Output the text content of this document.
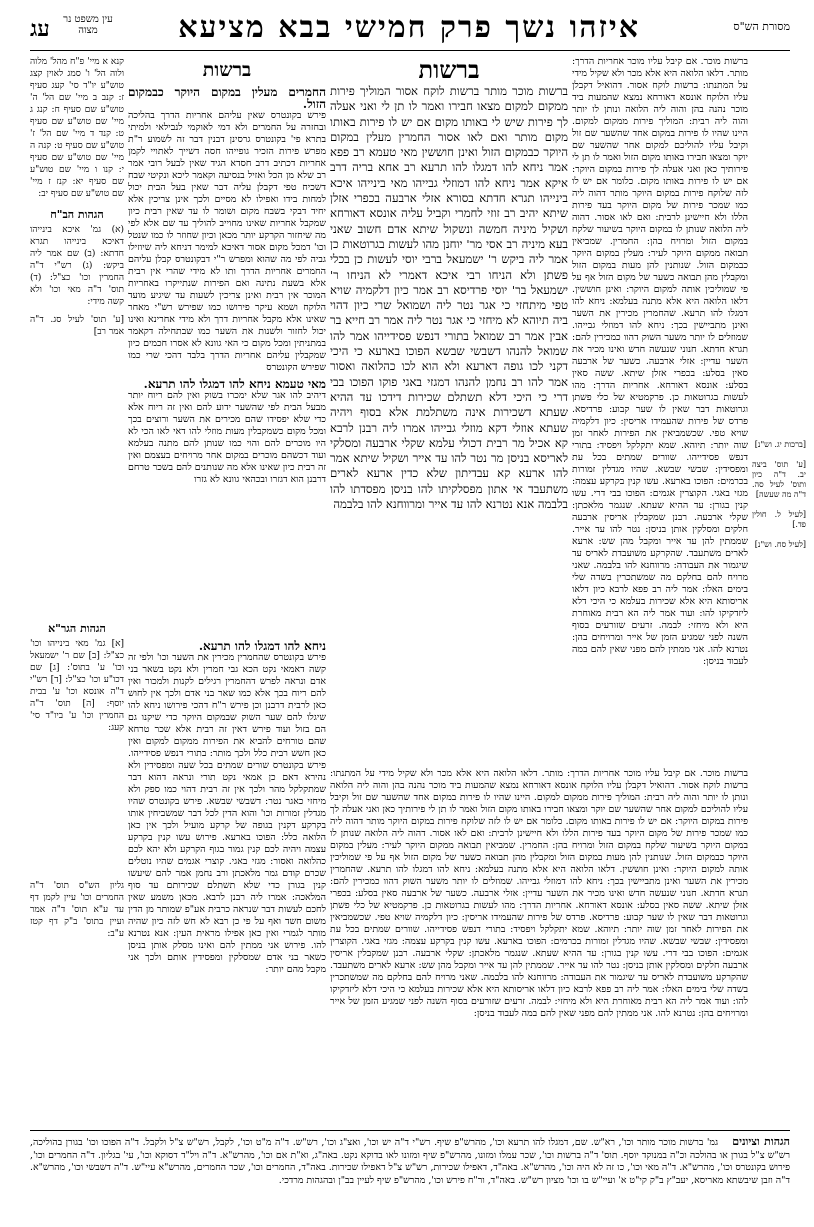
עג	עין משפט נר מצוה	איזהו נשך פרק חמישי בבא מציעא	מסורת הש"ס
קנא א מיי' פ"ח מהל' מלוה ולוה הל' ו' סמג לאוין קצג טוש"ע יו"ד סי' קעג סעיף ז: קנב ב מיי' שם הל' ה' טוש"ע שם סעיף ח: קנג ג מיי' שם טוש"ע שם סעיף ט: קנד ד מיי' שם הל' ז' טוש"ע שם סעיף ט: קנה ה מיי' שם טוש"ע שם סעיף י: קנו ו מיי' שם טוש"ע שם סעיף יא: קנז ז מיי' שם טוש"ע שם סעיף יב:
הגהות הב"ח
(א) גמ' איכא בינייהו דאיכא בינייהו תגרא חדתא: (ב) שם אמר ליה ביקש: (ג) רש"י ד"ה החמרין וכו' כצ"ל: (ד) תוס' ד"ה מאי וכו' ולא קשה מידי:
[ע' תוס' לעיל סג. ד"ה אמר רב]
הגהות הגר"א
[א] גמ' מאי בינייהו וכו' כצ"ל: [ב] שם ר' ישמעאל וכו' ע' בתוס': [ג] שם דכו"ע וכו' כצ"ל: [ד] רש"י ד"ה אונסא וכו' ע' בבית יוסף: [ה] תוס' ד"ה החמרין וכו' ע' ביו"ד סי' קעג:
גליון הש"ס תוס' ד"ה החמרים וכו' עיין לקמן דף עד ע"א תוס' ד"ה אמר ועיין בתוס' ב"ק דף קטז ע"ב:
ברשות
החמרים מעלין במקום היוקר כבמקום הזול.
פירש בקונטרס שאין עליהם אחריות הדרך בהליכה ובחזרה על החמרים ולא דמי לאוקמי לנבילאי ולמיתי בתרא פי' בקונטרס גרסינן דבנין דבר זה לשמוע ר"ת מפרש פירות הזכיר גופייהו חסה דשייך לאתויי לקמן אחריות דכתיב דרב חסדא הגיד שאין לבעל רובי אמר רב שלא מן הכל ואזיל בנסיעה וקאמר ליכא ונקיטי שבח דשכיח טפי דקבלן עליה דבר שאין בעל הבית יכול למחות בידו ואפילו לא מסיים ולכך אינן צריכין אלא יחיד דבקי בשבח מקום ושומר לו עד שאין רבית כיון שמקבל אחריות שאינו מחוייב להוליך עד שם אלא לפי מה שיחזור הקרקע יותר מכאן וכיון שחוזר לו כמו שנטל וכו' דמכל מקום אסור דאיכא למימר דניחא ליה שיוזילו גביה לפי מה שהוא ומפרש ר"י דבקונטרס קבלן עליהם החמרים אחריות הדרך ותו לא מידי שהרי אין רבית אלא בשעת נתינה ואם הפירות שנתייקרו באחריות המוכר אין רבית ואינן צריכין לשעות עד שיגיע מועד הלוקח ושמא עיקר פירושו כמו שפירש רש"י מאחר שאינו אלא מקבל אחריות דרך ולא מידי אחרינא ואינו יכול לחזור ולשנות את השער כמו שבתחילה דקאמר במתניתין ומכל מקום כי האי גוונא לא אסרו חכמים כיון שמקבלין עליהם אחריות הדרך בלבד דהכי שרי כמו שפירש הקונטרס
מאי טעמא ניחא להו דמגלו להו תרעא.
דיהיב להו אגר שלא ימכרו בשוק ואין להם ריוח יותר מבעל הבית לפי שהשער ידוע להם ואין זה ריוח אלא כדי שלא יפסידו שהם מכירים את השער ורוצים בכך ומכל מקום כשמקבלין מעות מוזלי להו דאי לאו הכי לא היו מוכרים להם והוי כמו שנותן להם מתנה בעלמא ועוד דכשהם מוכרים במקום אחר מרויחים בעצמם ואין זה רבית כיון שאינו אלא מה שנותנים להם בשכר טרחם דרבנן הוא דגזרו ובכהאי גוונא לא גזרו
ברשות
ברשות מוכר מותר ברשות לוקח אסור המוליך פירות ממקום למקום מצאו חבירו ואמר לו תן לי ואני אעלה לך פירות שיש לי באותו מקום אם יש לו פירות באותו מקום מותר ואם לאו אסור החמרין מעלין במקום היוקר כבמקום הזול ואינן חוששין מאי טעמא רב פפא אמר ניחא להו דמגלו להו תרעא רב אחא בריה דרב איקא אמר ניחא להו דמוזלי גבייהו מאי בינייהו איכא בינייהו תגרא חדתא בסורא אזלי ארבעה בכפרי אזלן שיתא יהיב רב זוזי לחמרי וקביל עליה אונסא דאורחא ושקיל מיניה חמשה ונשקול שיתא אדם חשוב שאני בעא מיניה רב אסי מר' יוחנן מהו לעשות בגרוטאות כן אמר ליה ביקש ר' ישמעאל ברבי יוסי לעשות כן בכלי פשתן ולא הניחו רבי איכא דאמרי לא הניחו ר' ישמעאל בר' יוסי פרדיסא רב אמר כיון דלקמיה שויא טפי מיתחזי כי אגר נטר ליה ושמואל שרי כיון דהוי ביה תיוהא לא מיחזי כי אגר נטר ליה אמר רב חייא בר אבין אמר רב שמואל בתורי דנפש פסידייהו אמר להו שמואל להנהו דשבשי שבשא הפוכו בארעא כי היכי דקני לכו גופה דארעא ולא הוא לכו כהלואה ואסור אמר להו רב נחמן להנהו דמגזי באגי פוקו הפוכו בבי דרי כי היכי דלא תשתלם שכירות דידכו עד ההיא שעתא דשכירות אינה משתלמת אלא בסוף ויהיה שעתא אוזלי דקא מוזלי גבייהו אמרו ליה רבנן לרבא קא אכיל מר רבית דכולי עלמא שקלי ארבעה ומסלקי לאריסא בניסן מר נטר להו עד אייר ושקיל שיתא אמר להו ארעא קא עבדיתון שלא כדין ארעא לארים משתעבד אי אתון מפסלקיתו להו בניסן מפסדתו להו בלבמה אנא נטרנא להו עד אייר ומרווחנא להו בלבמה
ברשות מוכר. אם קיבל עליו מוכר אחריות הדרך: מותר. דלאו הלואה היא אלא מכר ולא שקיל מידי על המתנתו: ברשות לוקח אסור. דהואיל דקבלן עליו הלוקח אונסא דאורחא נמצא שהמעות ביד מוכר נהנה בהן והוה ליה הלואה ונותן לו יותר והוה ליה רבית: המוליך פירות ממקום למקום. היינו שהיו לו פירות במקום אחד שהשער שם זול וקיבל עליו להוליכם למקום אחר שהשער שם יוקר ומצאו חבירו באותו מקום הזול ואמר לו תן לי פירותיך כאן ואני אעלה לך פירות במקום היוקר: אם יש לו פירות באותו מקום. כלומר אם יש לו לזה שלוקח פירות במקום היוקר מותר דהוה ליה כמו שמכר פירות של מקום היוקר בעד פירות הללו ולא חיישינן לרבית: ואם לאו אסור. דהוה ליה הלואה שנותן לו במקום היוקר בשיעור שלקח במקום הזול ומרויח בהן: החמרין. שמביאין תבואה ממקום היוקר לעיר: מעלין במקום היוקר כבמקום הזול. שנותנין להן מעות במקום הזול ומקבלין מהן תבואה כשער של מקום הזול אף על פי שמוליכין אותה למקום היוקר: ואינן חוששין. דלאו הלואה היא אלא מתנה בעלמא: ניחא להו דמגלו להו תרעא. שהחמרין מכירין את השער ואינן מתביישין בכך: ניחא להו דמוזלי גבייהו. שמוזלים לו יותר משער השוק דהוו כמכירין להם: תגרא חדתא. חנוני שנעשה חדש ואינו מכיר את השער עדיין: אזלי ארבעה. כשער של ארבעה סאין בסלע: בכפרי אזלן שיתא. ששה סאין בסלע: אונסא דאורחא. אחריות הדרך: מהו לעשות בגרוטאות כן. פרקמטיא של כלי פשתן וגרוטאות דבר שאין לו שער קבוע: פרדיסא. פרדס של פירות שהעמידו אריסין: כיון דלקמיה שויא טפי. שכשמביאין את הפירות לאחר זמן שוה יותר: תיוהא. שמא יתקלקל ויפסיד: בתורי דנפש פסידייהו. שוורים שמתים בכל עת ומפסידין: שבשי שבשא. שהיו מגדלין זמורות בכרמים: הפוכו בארעא. עשו קנין בקרקע עצמה: מגזי באגי. הקוצרין אגמים: הפוכו בבי דרי. עשו קנין בגורן: עד ההיא שעתא. שנגמר מלאכתן: שקלי ארבעה. רבנן שמקבלין אריסין ארבעה חלקים ומסלקין אותן בניסן: נטר להו עד אייר. שממתין להן עד אייר ומקבל מהן שש: ארעא לארים משתעבד. שהקרקע משועבדת לאריס עד שיגמור את העבודה: מרווחנא להו בלבמה. שאני מרויח להם בחלקם מה שמשתכרין בשדה שלי בימים האלו: אמר ליה רב פפא לרבא כיון דלאו אריסותא היא אלא שכירות בעלמא כי היכי דלא ליזדקיקו להו: ועוד אמר ליה הא רבית מאוחרת היא ולא מיחזי: לבמה. זרעים שזורעים בסוף השנה לפני שמגיע הזמן של אייר ומרויחים בהן: נטרנא להו. אני ממתין להם מפני שאין להם במה לעבוד בניסן:
[ברכות יג. וש"נ]
[ע' תוס' ביצה יב. ד"ה כיון ותוס' לעיל סה. ד"ה מה שעשה]
[לעיל ל. חולין פד.]
[לעיל סח. וש"נ]
ניחא להו דמגלו להו תרעא.
פירש בקונטרס שהחמרין מכירין את השער וכו' ולפי זה קשה דאמאי נקט הכא גבי חמרין ולא נקט בשאר בני אדם ונראה לפרש דהחמרין רגילים לקנות ולמכור ואין להם ריוח בכך אלא כמו שאר בני אדם ולכך אין לחוש כאן לרבית דרבנן וכן פירש ר"ח דהכי פירושו ניחא להו שיגלו להם שער השוק שבמקום היוקר כדי שיקנו גם הם בזול ועוד פירש דאין זה רבית אלא שכר טרחא שהם טורחים להביא את הפירות ממקום למקום ואין כאן חשש רבית כלל ולכך מותר: בתורי דנפש פסידייהו. פירש בקונטרס שורים שמתים בכל שעה ומפסידין ולא נהירא דאם כן אמאי נקט תורי ונראה דהוא דבר שמתקלקל מהר ולכך אין זה רבית דהוי כמו ספק ולא מיחזי כאגר נטר: דשבשי שבשא. פירש בקונטרס שהיו מגדלין זמורות וכו' והוא הדין לכל דבר שמשביחין אותו בקרקע דקנין בגופה של קרקע מועיל ולכך אין כאן הלואה כלל: הפוכו בארעא. פירוש עשו קנין בקרקע עצמה ויהיה לכם קנין גמור בגוף הקרקע ולא יהא לכם כהלואה ואסור: מגזי באגי. קוצרי אגמים שהיו נוטלים שכרם קודם גמר מלאכתן ורב נחמן אמר להם שיעשו קנין בגורן כדי שלא תשתלם שכירותם עד סוף המלאכה: אמרו ליה רבנן לרבא. מכאן משמע שאין לחכם לעשות דבר שנראה כרבית אע"פ שמותר מן הדין משום חשד ואף על פי כן רבא לא חש לזה כיון שהיה מותר לגמרי ואין כאן אפילו מראית העין: אנא נטרנא להו. פירוש אני ממתין להם ואינו מסלק אותן בניסן כשאר בני אדם שמסלקין ומפסידין אותם ולכך אני מקבל מהם יותר:
ברשות מוכר. אם קיבל עליו מוכר אחריות הדרך: מותר. דלאו הלואה היא אלא מכר ולא שקיל מידי על המתנתו: ברשות לוקח אסור. דהואיל דקבלן עליו הלוקח אונסא דאורחא נמצא שהמעות ביד מוכר נהנה בהן והוה ליה הלואה ונותן לו יותר והוה ליה רבית: המוליך פירות ממקום למקום. היינו שהיו לו פירות במקום אחד שהשער שם זול וקיבל עליו להוליכם למקום אחר שהשער שם יוקר ומצאו חבירו באותו מקום הזול ואמר לו תן לי פירותיך כאן ואני אעלה לך פירות במקום היוקר: אם יש לו פירות באותו מקום. כלומר אם יש לו לזה שלוקח פירות במקום היוקר מותר דהוה ליה כמו שמכר פירות של מקום היוקר בעד פירות הללו ולא חיישינן לרבית: ואם לאו אסור. דהוה ליה הלואה שנותן לו במקום היוקר בשיעור שלקח במקום הזול ומרויח בהן: החמרין. שמביאין תבואה ממקום היוקר לעיר: מעלין במקום היוקר כבמקום הזול. שנותנין להן מעות במקום הזול ומקבלין מהן תבואה כשער של מקום הזול אף על פי שמוליכין אותה למקום היוקר: ואינן חוששין. דלאו הלואה היא אלא מתנה בעלמא: ניחא להו דמגלו להו תרעא. שהחמרין מכירין את השער ואינן מתביישין בכך: ניחא להו דמוזלי גבייהו. שמוזלים לו יותר משער השוק דהוו כמכירין להם: תגרא חדתא. חנוני שנעשה חדש ואינו מכיר את השער עדיין: אזלי ארבעה. כשער של ארבעה סאין בסלע: בכפרי אזלן שיתא. ששה סאין בסלע: אונסא דאורחא. אחריות הדרך: מהו לעשות בגרוטאות כן. פרקמטיא של כלי פשתן וגרוטאות דבר שאין לו שער קבוע: פרדיסא. פרדס של פירות שהעמידו אריסין: כיון דלקמיה שויא טפי. שכשמביאין את הפירות לאחר זמן שוה יותר: תיוהא. שמא יתקלקל ויפסיד: בתורי דנפש פסידייהו. שוורים שמתים בכל עת ומפסידין: שבשי שבשא. שהיו מגדלין זמורות בכרמים: הפוכו בארעא. עשו קנין בקרקע עצמה: מגזי באגי. הקוצרין אגמים: הפוכו בבי דרי. עשו קנין בגורן: עד ההיא שעתא. שנגמר מלאכתן: שקלי ארבעה. רבנן שמקבלין אריסין ארבעה חלקים ומסלקין אותן בניסן: נטר להו עד אייר. שממתין להן עד אייר ומקבל מהן שש: ארעא לארים משתעבד. שהקרקע משועבדת לאריס עד שיגמור את העבודה: מרווחנא להו בלבמה. שאני מרויח להם בחלקם מה שמשתכרין בשדה שלי בימים האלו: אמר ליה רב פפא לרבא כיון דלאו אריסותא היא אלא שכירות בעלמא כי היכי דלא ליזדקיקו להו: ועוד אמר ליה הא רבית מאוחרת היא ולא מיחזי: לבמה. זרעים שזורעים בסוף השנה לפני שמגיע הזמן של אייר ומרויחים בהן: נטרנא להו. אני ממתין להם מפני שאין להם במה לעבוד בניסן:
הגהות וציונים    גמ' ברשות מוכר מותר וכו', רא"ש. שם, דמגלו להו תרעא וכו', מהרש"פ שיף. רש"י ד"ה יש וכו', ואצ"ג וכו', רש"ש. ד"ה מ"ט וכו', לקבל, רש"ש צ"ל ולקבל. ד"ה הפוכו וכו' בגורן בהוליכה, רש"ש צ"ל בגורן או בהולכה וכ"ה במנוקד יוסף. תוס' ד"ה ברשות וכו', שכר עמלו ומזונו, מהרש"פ שיף ומזונו לאו בדוקא נקט. באה"ג, וא"ת אם וכו', מהרש"א. ד"ה ויל"ד דסוקא וכו', עי' בגליון. ד"ה החמרים וכו', פירוש בקונטרס וכו', מהרש"א. ד"ה מאי וכו', כו זה לא היה וכו', מהרש"א. באה"ד, דאפילו שכירות, רש"ש צ"ל דאפילו שכירות. באה"ד, החמרים וכו', שכר החמרים, מהרש"א עיי"ש. ד"ה דשבשי וכו', מהרש"א. ד"ה וזבן שיבשתא מאריסא, יעב"ץ ב"ק קי"ט א' ועיי"ש בו וכו' מציון רש"ש. באה"ד, ור"ח פירש וכו', מהרש"פ שיף לעיין בב"ן ובהגהות מרדכי.
